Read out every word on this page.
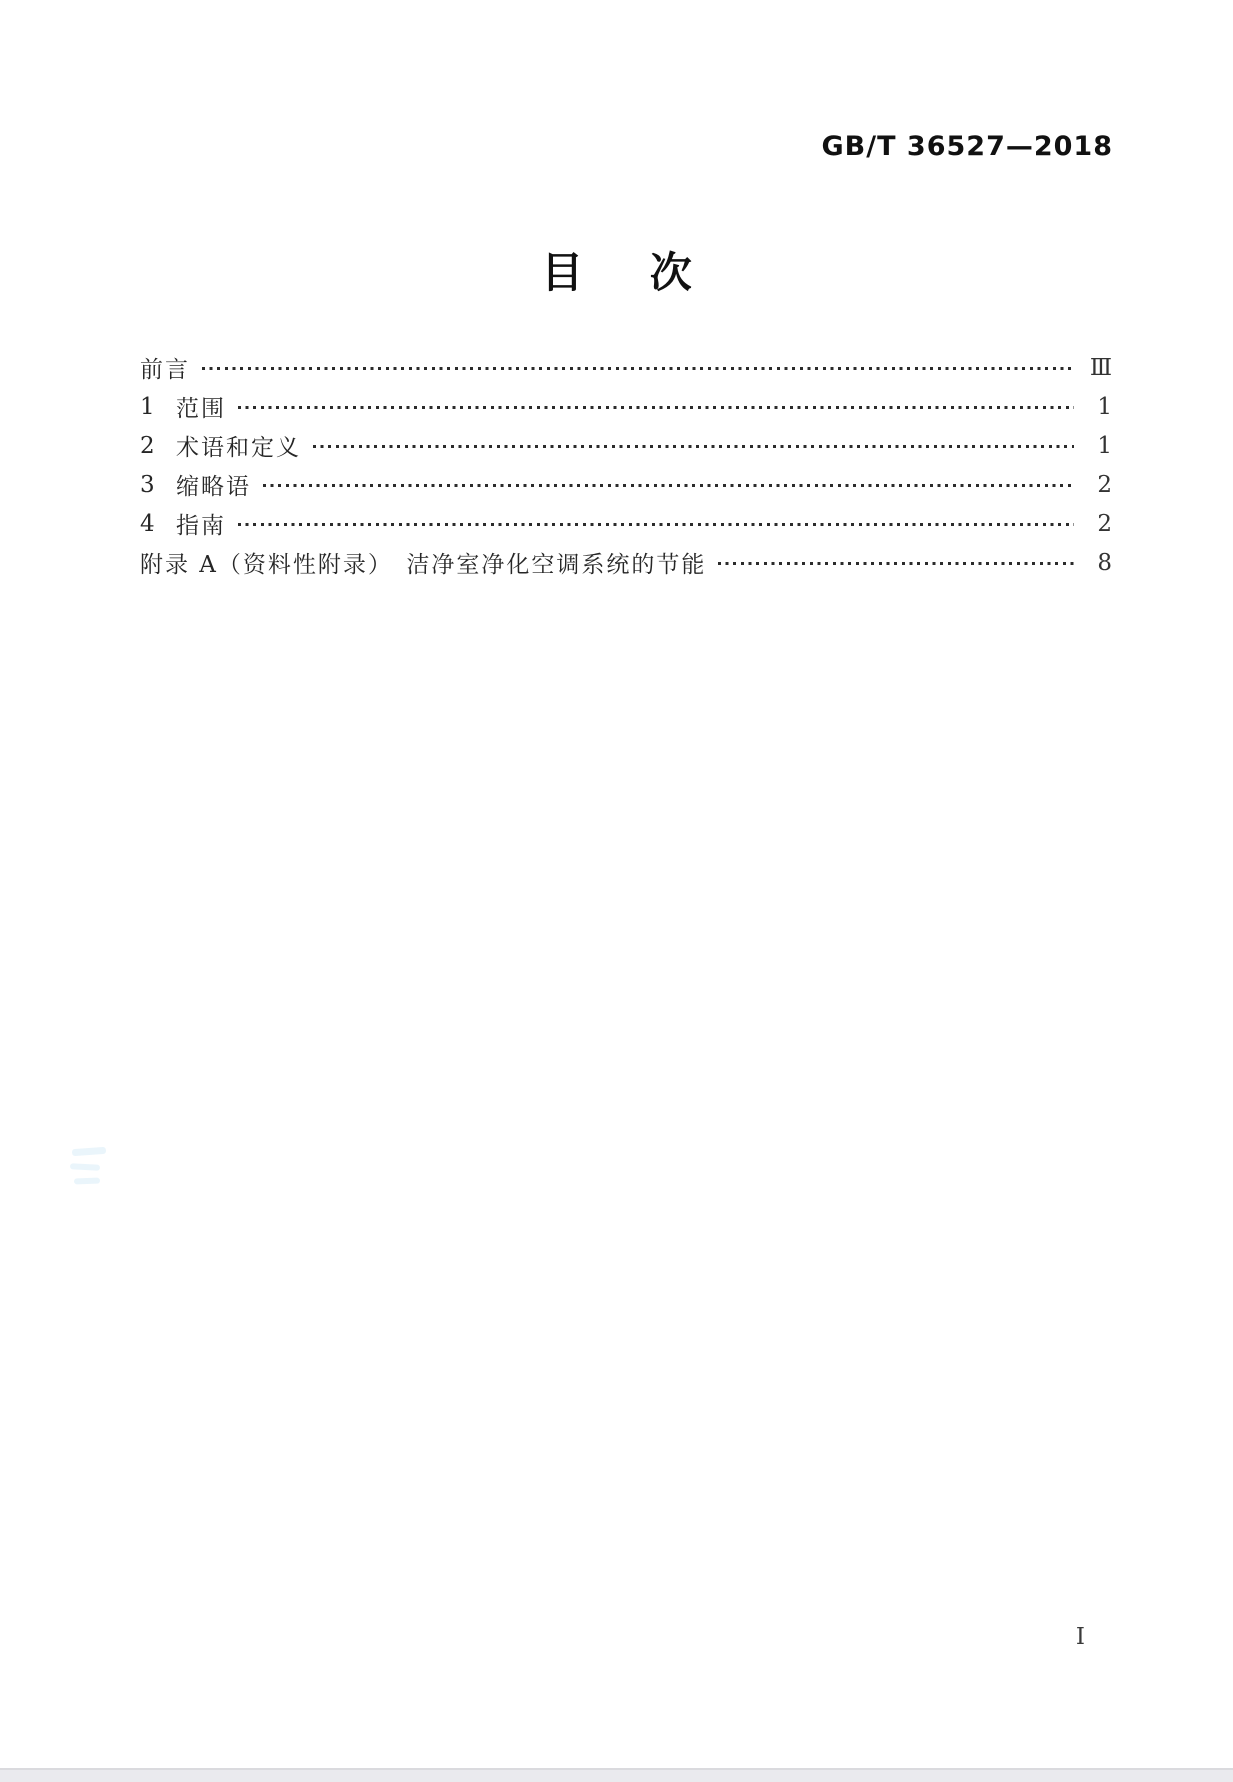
GB/T 36527—2018
目 次
前言	Ⅲ
1 范围	1
2 术语和定义	1
3 缩略语	2
4 指南	2
附录 A（资料性附录）　洁净室净化空调系统的节能	8
Ⅰ
